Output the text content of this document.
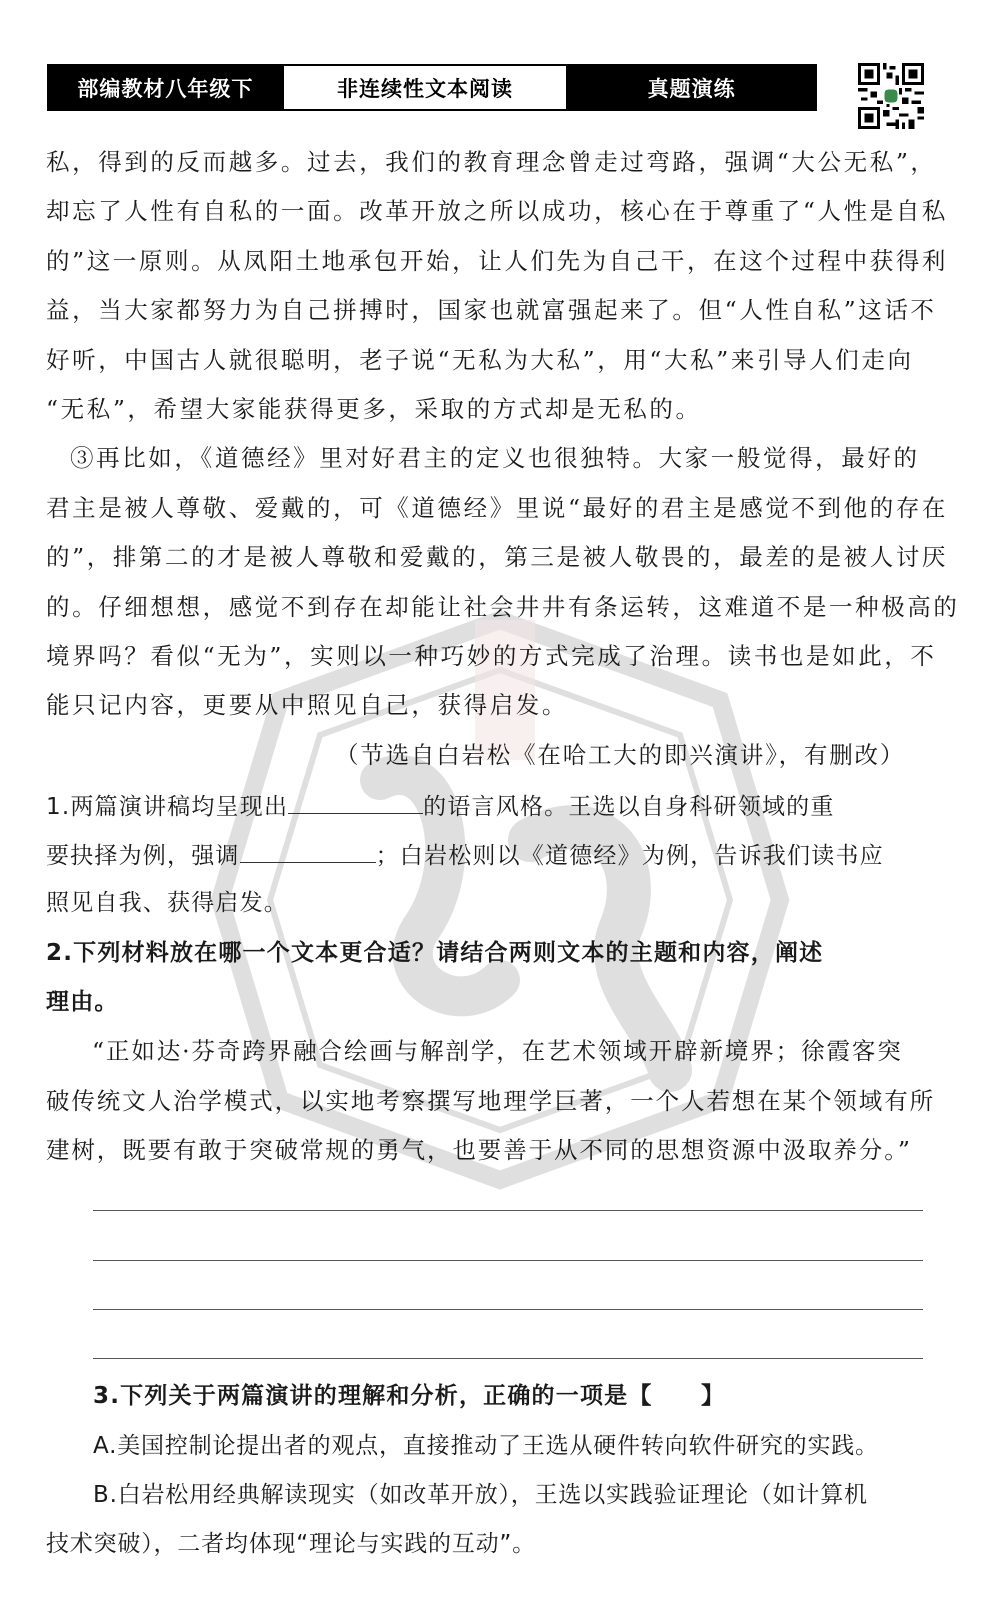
部编教材八年级下	非连续性文本阅读	真题演练
私，得到的反而越多。过去，我们的教育理念曾走过弯路，强调“大公无私”，
却忘了人性有自私的一面。改革开放之所以成功，核心在于尊重了“人性是自私
的”这一原则。从凤阳土地承包开始，让人们先为自己干，在这个过程中获得利
益，当大家都努力为自己拼搏时，国家也就富强起来了。但“人性自私”这话不
好听，中国古人就很聪明，老子说“无私为大私”，用“大私”来引导人们走向
“无私”，希望大家能获得更多，采取的方式却是无私的。
③再比如，《道德经》里对好君主的定义也很独特。大家一般觉得，最好的
君主是被人尊敬、爱戴的，可《道德经》里说“最好的君主是感觉不到他的存在
的”，排第二的才是被人尊敬和爱戴的，第三是被人敬畏的，最差的是被人讨厌
的。仔细想想，感觉不到存在却能让社会井井有条运转，这难道不是一种极高的
境界吗？看似“无为”，实则以一种巧妙的方式完成了治理。读书也是如此，不
能只记内容，更要从中照见自己，获得启发。
（节选自白岩松《在哈工大的即兴演讲》，有删改）
1.两篇演讲稿均呈现出	的语言风格。王选以自身科研领域的重
要抉择为例，强调	；白岩松则以《道德经》为例，告诉我们读书应
照见自我、获得启发。
2.下列材料放在哪一个文本更合适？请结合两则文本的主题和内容，阐述
理由。
“正如达·芬奇跨界融合绘画与解剖学，在艺术领域开辟新境界；徐霞客突
破传统文人治学模式，以实地考察撰写地理学巨著，一个人若想在某个领域有所
建树，既要有敢于突破常规的勇气，也要善于从不同的思想资源中汲取养分。”
3.下列关于两篇演讲的理解和分析，正确的一项是【　　】
A.美国控制论提出者的观点，直接推动了王选从硬件转向软件研究的实践。
B.白岩松用经典解读现实（如改革开放），王选以实践验证理论（如计算机
技术突破），二者均体现“理论与实践的互动”。
